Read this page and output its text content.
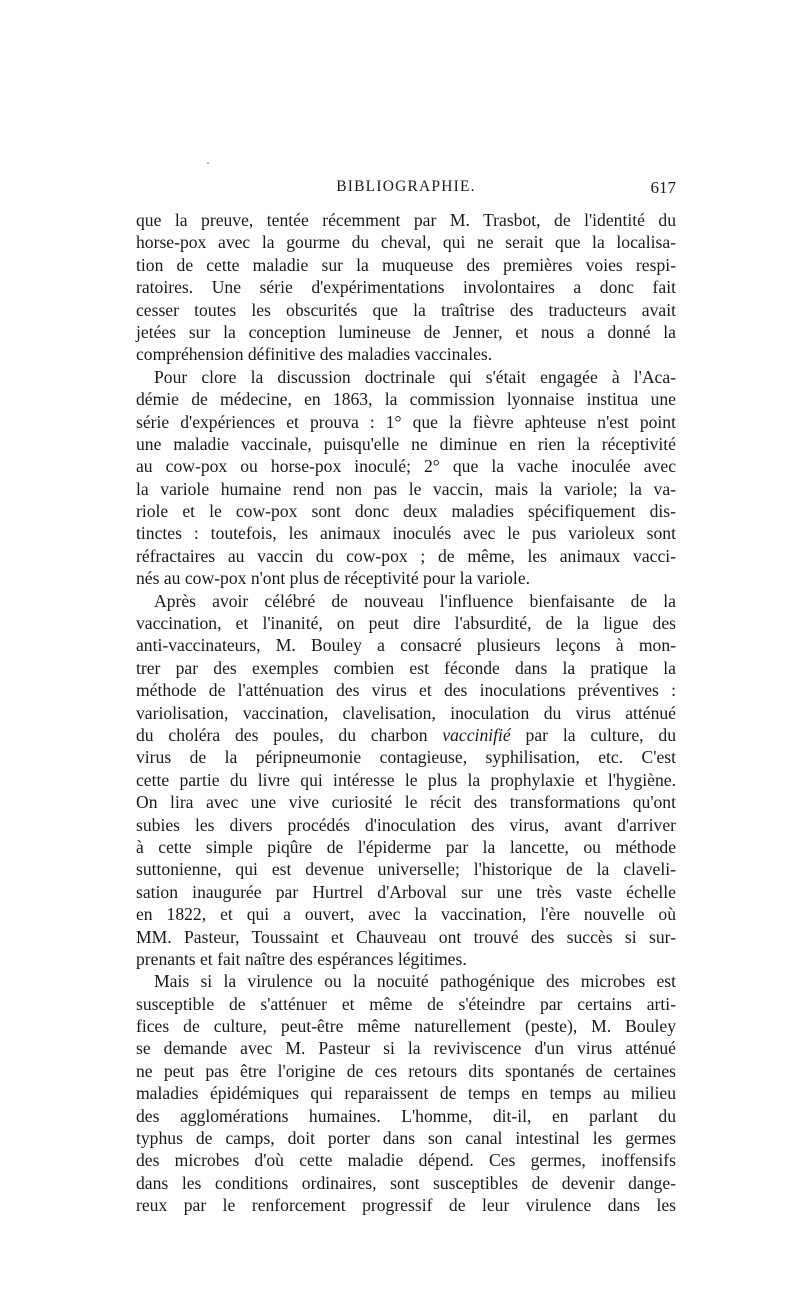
BIBLIOGRAPHIE.	617
que la preuve, tentée récemment par M. Trasbot, de l'identité du
horse-pox avec la gourme du cheval, qui ne serait que la localisa-
tion de cette maladie sur la muqueuse des premières voies respi-
ratoires. Une série d'expérimentations involontaires a donc fait
cesser toutes les obscurités que la traîtrise des traducteurs avait
jetées sur la conception lumineuse de Jenner, et nous a donné la
compréhension définitive des maladies vaccinales.
Pour clore la discussion doctrinale qui s'était engagée à l'Aca-
démie de médecine, en 1863, la commission lyonnaise institua une
série d'expériences et prouva : 1° que la fièvre aphteuse n'est point
une maladie vaccinale, puisqu'elle ne diminue en rien la réceptivité
au cow-pox ou horse-pox inoculé; 2° que la vache inoculée avec
la variole humaine rend non pas le vaccin, mais la variole; la va-
riole et le cow-pox sont donc deux maladies spécifiquement dis-
tinctes : toutefois, les animaux inoculés avec le pus varioleux sont
réfractaires au vaccin du cow-pox ; de même, les animaux vacci-
nés au cow-pox n'ont plus de réceptivité pour la variole.
Après avoir célébré de nouveau l'influence bienfaisante de la
vaccination, et l'inanité, on peut dire l'absurdité, de la ligue des
anti-vaccinateurs, M. Bouley a consacré plusieurs leçons à mon-
trer par des exemples combien est féconde dans la pratique la
méthode de l'atténuation des virus et des inoculations préventives :
variolisation, vaccination, clavelisation, inoculation du virus atténué
du choléra des poules, du charbon vaccinifié par la culture, du
virus de la péripneumonie contagieuse, syphilisation, etc. C'est
cette partie du livre qui intéresse le plus la prophylaxie et l'hygiène.
On lira avec une vive curiosité le récit des transformations qu'ont
subies les divers procédés d'inoculation des virus, avant d'arriver
à cette simple piqûre de l'épiderme par la lancette, ou méthode
suttonienne, qui est devenue universelle; l'historique de la claveli-
sation inaugurée par Hurtrel d'Arboval sur une très vaste échelle
en 1822, et qui a ouvert, avec la vaccination, l'ère nouvelle où
MM. Pasteur, Toussaint et Chauveau ont trouvé des succès si sur-
prenants et fait naître des espérances légitimes.
Mais si la virulence ou la nocuité pathogénique des microbes est
susceptible de s'atténuer et même de s'éteindre par certains arti-
fices de culture, peut-être même naturellement (peste), M. Bouley
se demande avec M. Pasteur si la reviviscence d'un virus atténué
ne peut pas être l'origine de ces retours dits spontanés de certaines
maladies épidémiques qui reparaissent de temps en temps au milieu
des agglomérations humaines. L'homme, dit-il, en parlant du
typhus de camps, doit porter dans son canal intestinal les germes
des microbes d'où cette maladie dépend. Ces germes, inoffensifs
dans les conditions ordinaires, sont susceptibles de devenir dange-
reux par le renforcement progressif de leur virulence dans les
